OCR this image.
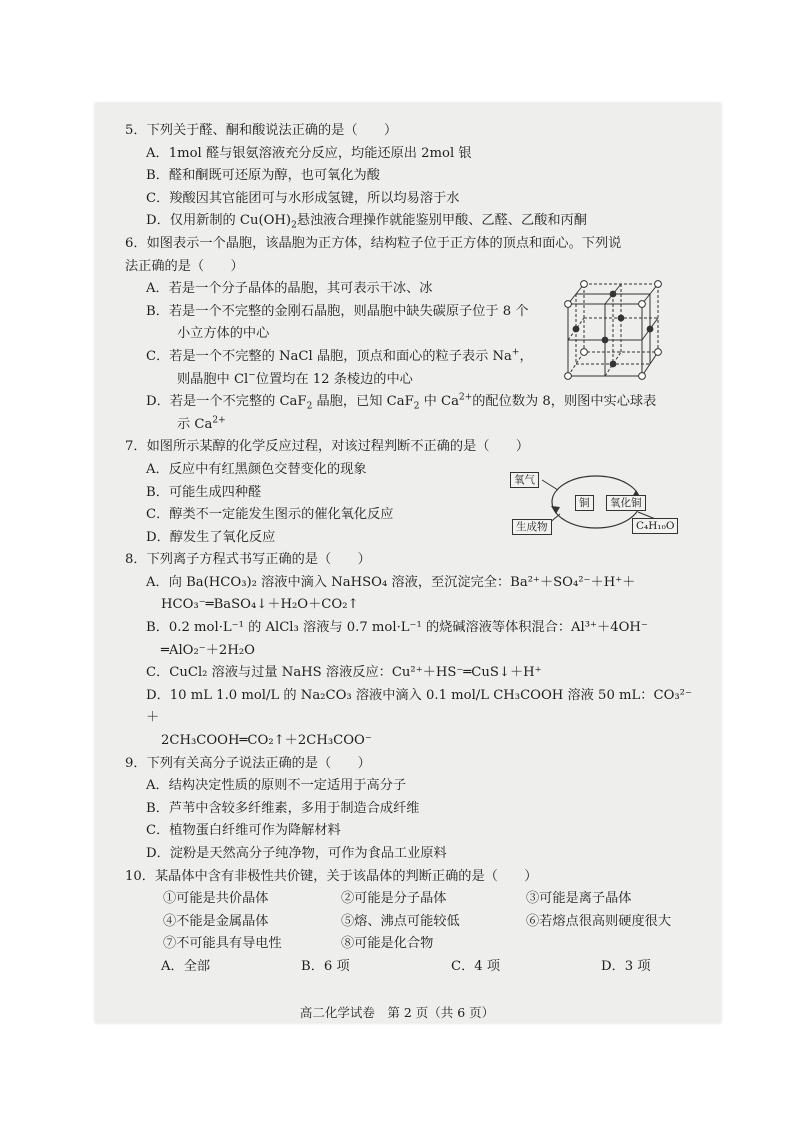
5．下列关于醛、酮和酸说法正确的是（　　）
A．1mol 醛与银氨溶液充分反应，均能还原出 2mol 银
B．醛和酮既可还原为醇，也可氧化为酸
C．羧酸因其官能团可与水形成氢键，所以均易溶于水
D．仅用新制的 $Cu(OH)_2$悬浊液合理操作就能鉴别甲酸、乙醛、乙酸和丙酮
6．如图表示一个晶胞，该晶胞为正方体，结构粒子位于正方体的顶点和面心。下列说
法正确的是（　　）
A．若是一个分子晶体的晶胞，其可表示干冰、冰
B．若是一个不完整的金刚石晶胞，则晶胞中缺失碳原子位于 8 个
小立方体的中心
C．若是一个不完整的 NaCl 晶胞，顶点和面心的粒子表示 Na+，
则晶胞中 Cl−位置均在 12 条棱边的中心
D．若是一个不完整的 CaF$_2$ 晶胞，已知 CaF$_2$ 中 $Ca^{2+}$的配位数为 8，则图中实心球表
示 $Ca^{2+}$
7．如图所示某醇的化学反应过程，对该过程判断不正确的是（　　）
A．反应中有红黑颜色交替变化的现象
B．可能生成四种醛
C．醇类不一定能发生图示的催化氧化反应
D．醇发生了氧化反应
8．下列离子方程式书写正确的是（　　）
A．向 Ba(HCO₃)₂ 溶液中滴入 NaHSO₄ 溶液，至沉淀完全：Ba²⁺＋SO₄²⁻＋H⁺＋
HCO₃⁻═BaSO₄↓＋H₂O＋CO₂↑
B．0.2 mol·L⁻¹ 的 AlCl₃ 溶液与 0.7 mol·L⁻¹ 的烧碱溶液等体积混合：Al³⁺＋4OH⁻
═AlO₂⁻＋2H₂O
C．CuCl₂ 溶液与过量 NaHS 溶液反应：Cu²⁺＋HS⁻═CuS↓＋H⁺
D．10 mL 1.0 mol/L 的 Na₂CO₃ 溶液中滴入 0.1 mol/L CH₃COOH 溶液 50 mL：CO₃²⁻ ＋
2CH₃COOH═CO₂↑＋2CH₃COO⁻
9．下列有关高分子说法正确的是（　　）
A．结构决定性质的原则不一定适用于高分子
B．芦苇中含较多纤维素，多用于制造合成纤维
C．植物蛋白纤维可作为降解材料
D．淀粉是天然高分子纯净物，可作为食品工业原料
10．某晶体中含有非极性共价键，关于该晶体的判断正确的是（　　）
①可能是共价晶体	②可能是分子晶体	③可能是离子晶体
④不能是金属晶体	⑤熔、沸点可能较低	⑥若熔点很高则硬度很大
⑦不可能具有导电性	⑧可能是化合物
A．全部	B．6 项	C．4 项	D．3 项
氧气
铜	氧化铜
生成物	C₄H₁₀O
高二化学试卷　第 2 页（共 6 页）
